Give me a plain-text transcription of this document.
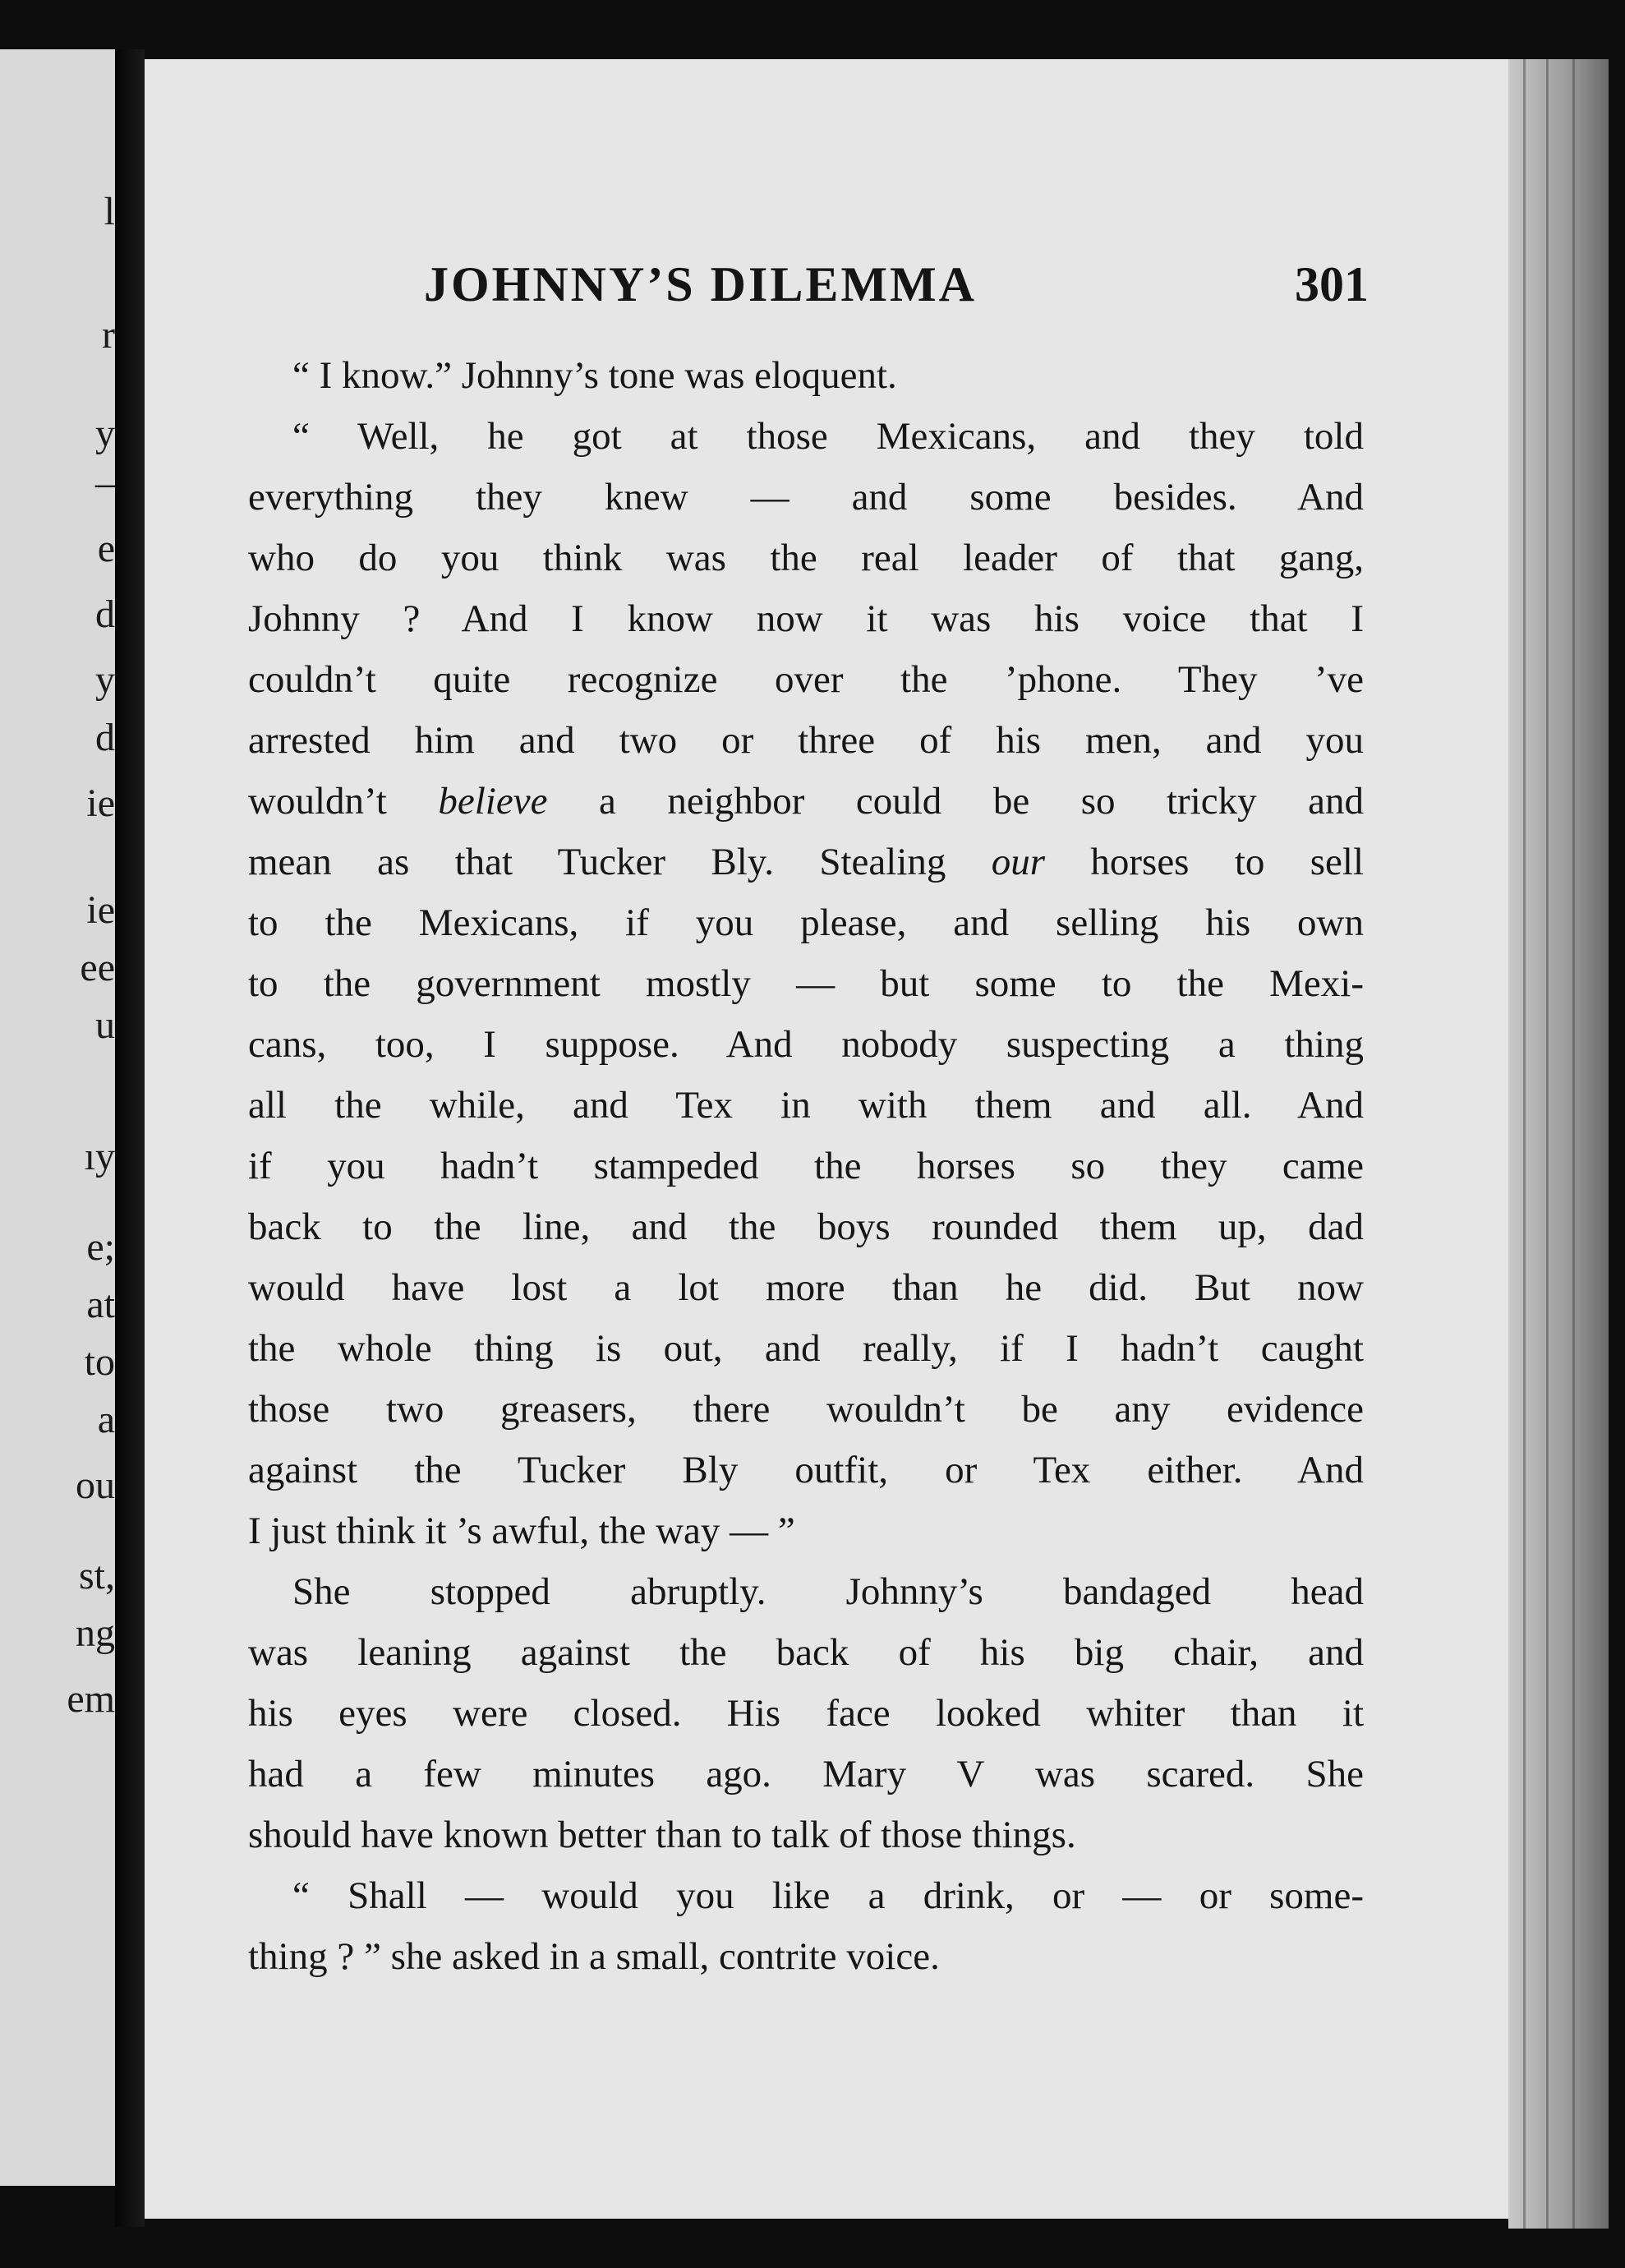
l

r

y

–

e

d

y

d

ie

ie

ee

u

ıy

e;

at

to

a

ou

st,

ng

em

JOHNNY’S DILEMMA	301
“ I know.” Johnny’s tone was eloquent.
“ Well, he got at those Mexicans, and they told
everything they knew — and some besides. And
who do you think was the real leader of that gang,
Johnny ? And I know now it was his voice that I
couldn’t quite recognize over the ’phone. They ’ve
arrested him and two or three of his men, and you
wouldn’t believe a neighbor could be so tricky and
mean as that Tucker Bly. Stealing our horses to sell
to the Mexicans, if you please, and selling his own
to the government mostly — but some to the Mexi-
cans, too, I suppose. And nobody suspecting a thing
all the while, and Tex in with them and all. And
if you hadn’t stampeded the horses so they came
back to the line, and the boys rounded them up, dad
would have lost a lot more than he did. But now
the whole thing is out, and really, if I hadn’t caught
those two greasers, there wouldn’t be any evidence
against the Tucker Bly outfit, or Tex either. And
I just think it ’s awful, the way — ”
She stopped abruptly. Johnny’s bandaged head
was leaning against the back of his big chair, and
his eyes were closed. His face looked whiter than it
had a few minutes ago. Mary V was scared. She
should have known better than to talk of those things.
“ Shall — would you like a drink, or — or some-
thing ? ” she asked in a small, contrite voice.
